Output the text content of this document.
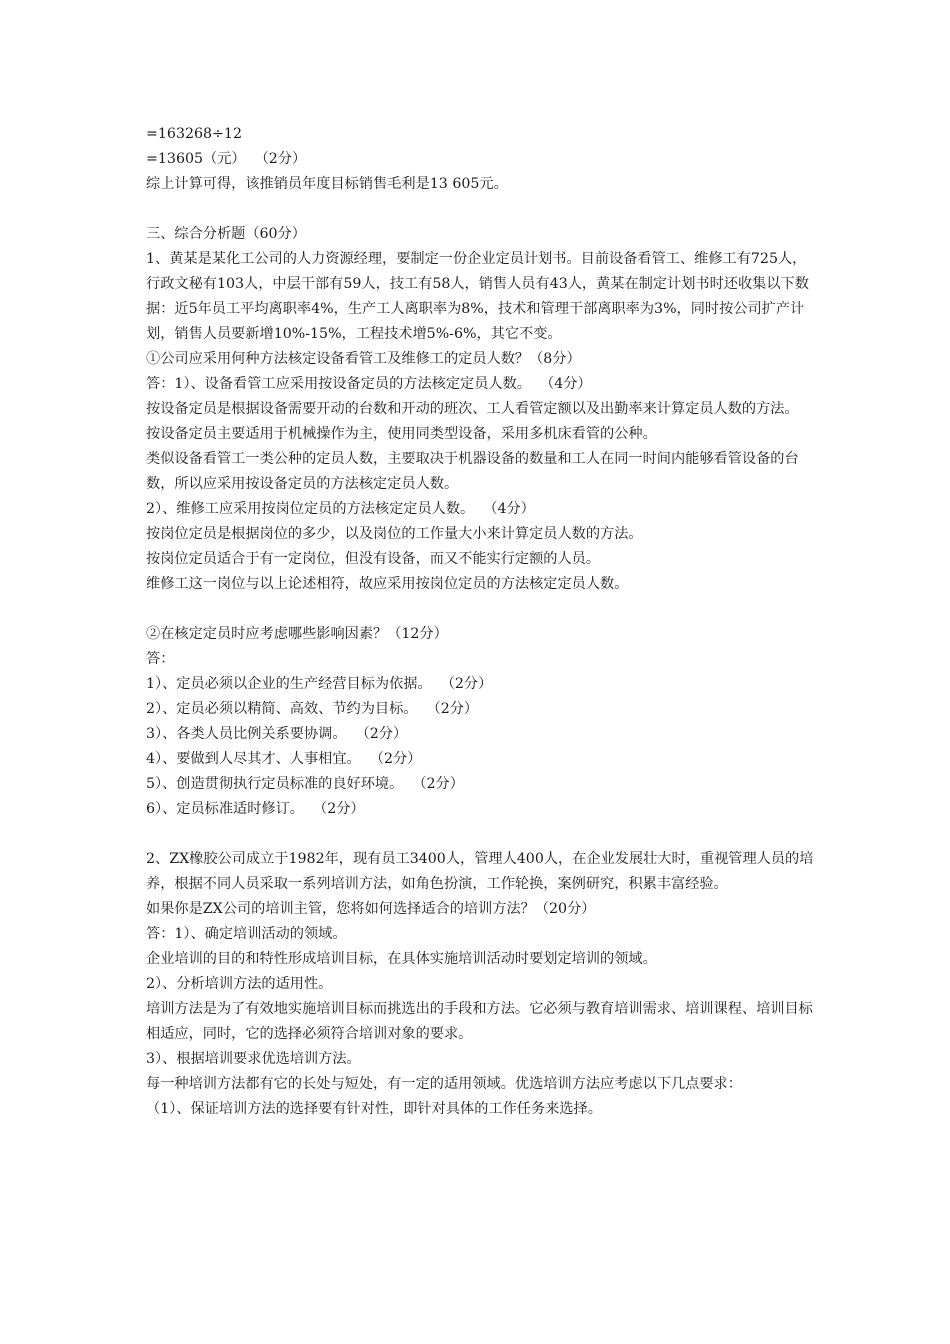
=163268÷12
=13605（元）  （2分）
综上计算可得，该推销员年度目标销售毛利是13 605元。
三、综合分析题（60分）
1、黄某是某化工公司的人力资源经理，要制定一份企业定员计划书。目前设备看管工、维修工有725人，行政文秘有103人，中层干部有59人，技工有58人，销售人员有43人，黄某在制定计划书时还收集以下数据：近5年员工平均离职率4%，生产工人离职率为8%，技术和管理干部离职率为3%，同时按公司扩产计划，销售人员要新增10%-15%，工程技术增5%-6%，其它不变。
①公司应采用何种方法核定设备看管工及维修工的定员人数？（8分）
答：1）、设备看管工应采用按设备定员的方法核定定员人数。  （4分）
按设备定员是根据设备需要开动的台数和开动的班次、工人看管定额以及出勤率来计算定员人数的方法。
按设备定员主要适用于机械操作为主，使用同类型设备，采用多机床看管的公种。
类似设备看管工一类公种的定员人数，主要取决于机器设备的数量和工人在同一时间内能够看管设备的台数，所以应采用按设备定员的方法核定定员人数。
2）、维修工应采用按岗位定员的方法核定定员人数。  （4分）
按岗位定员是根据岗位的多少，以及岗位的工作量大小来计算定员人数的方法。
按岗位定员适合于有一定岗位，但没有设备，而又不能实行定额的人员。
维修工这一岗位与以上论述相符，故应采用按岗位定员的方法核定定员人数。
②在核定定员时应考虑哪些影响因素？（12分）
答：
1）、定员必须以企业的生产经营目标为依据。  （2分）
2）、定员必须以精简、高效、节约为目标。  （2分）
3）、各类人员比例关系要协调。  （2分）
4）、要做到人尽其才、人事相宜。  （2分）
5）、创造贯彻执行定员标准的良好环境。  （2分）
6）、定员标准适时修订。  （2分）
2、ZX橡胶公司成立于1982年，现有员工3400人，管理人400人，在企业发展壮大时，重视管理人员的培养，根据不同人员采取一系列培训方法，如角色扮演，工作轮换，案例研究，积累丰富经验。
如果你是ZX公司的培训主管，您将如何选择适合的培训方法？（20分）
答：1）、确定培训活动的领域。
企业培训的目的和特性形成培训目标，在具体实施培训活动时要划定培训的领域。
2）、分析培训方法的适用性。
培训方法是为了有效地实施培训目标而挑选出的手段和方法。它必须与教育培训需求、培训课程、培训目标相适应，同时，它的选择必须符合培训对象的要求。
3）、根据培训要求优选培训方法。
每一种培训方法都有它的长处与短处，有一定的适用领域。优选培训方法应考虑以下几点要求：
（1）、保证培训方法的选择要有针对性，即针对具体的工作任务来选择。
